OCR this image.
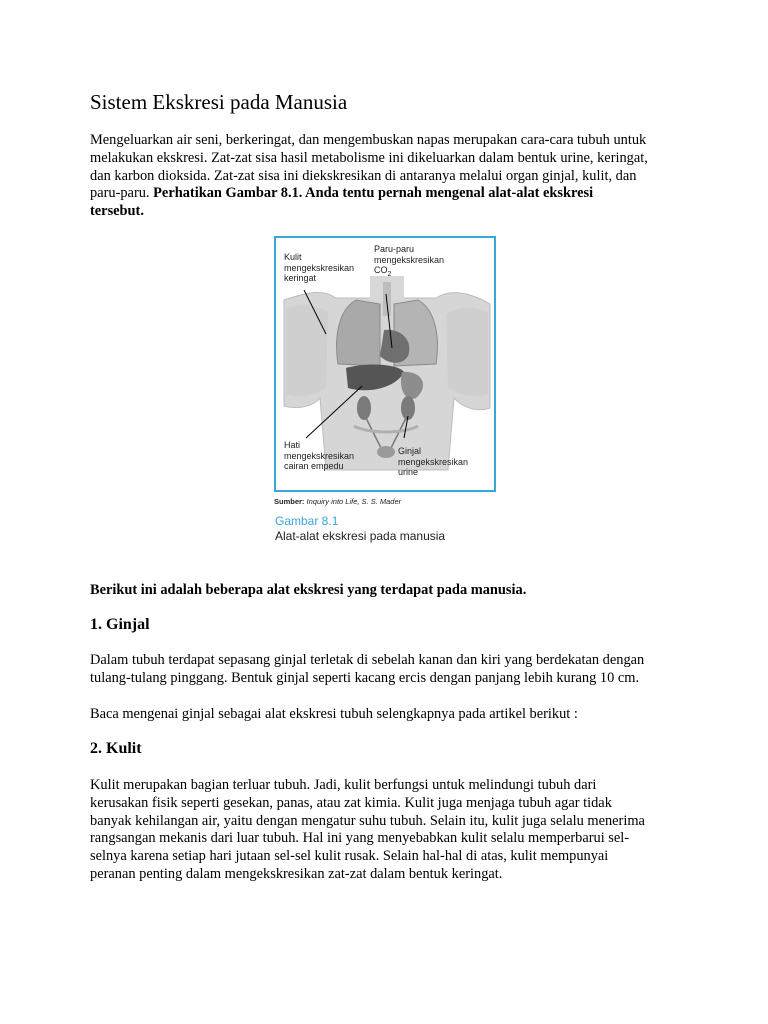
Sistem Ekskresi pada Manusia

Mengeluarkan air seni, berkeringat, dan mengembuskan napas merupakan cara-cara tubuh untuk
melakukan ekskresi. Zat-zat sisa hasil metabolisme ini dikeluarkan dalam bentuk urine, keringat,
dan karbon dioksida. Zat-zat sisa ini diekskresikan di antaranya melalui organ ginjal, kulit, dan
paru-paru. Perhatikan Gambar 8.1. Anda tentu pernah mengenal alat-alat ekskresi
tersebut.

Berikut ini adalah beberapa alat ekskresi yang terdapat pada manusia.

1. Ginjal

Dalam tubuh terdapat sepasang ginjal terletak di sebelah kanan dan kiri yang berdekatan dengan
tulang-tulang pinggang. Bentuk ginjal seperti kacang ercis dengan panjang lebih kurang 10 cm.

Baca mengenai ginjal sebagai alat ekskresi tubuh selengkapnya pada artikel berikut :

2. Kulit

Kulit merupakan bagian terluar tubuh. Jadi, kulit berfungsi untuk melindungi tubuh dari
kerusakan fisik seperti gesekan, panas, atau zat kimia. Kulit juga menjaga tubuh agar tidak
banyak kehilangan air, yaitu dengan mengatur suhu tubuh. Selain itu, kulit juga selalu menerima
rangsangan mekanis dari luar tubuh. Hal ini yang menyebabkan kulit selalu memperbarui sel-
selnya karena setiap hari jutaan sel-sel kulit rusak. Selain hal-hal di atas, kulit mempunyai
peranan penting dalam mengekskresikan zat-zat dalam bentuk keringat.

Kulit
mengekskresikan
keringat
Paru-paru
mengekskresikan
$CO_2$
Hati
mengekskresikan
cairan empedu
Ginjal
mengekskresikan
urine
Sumber: Inquiry into Life, S. S. Mader
Gambar 8.1
Alat-alat ekskresi pada manusia
